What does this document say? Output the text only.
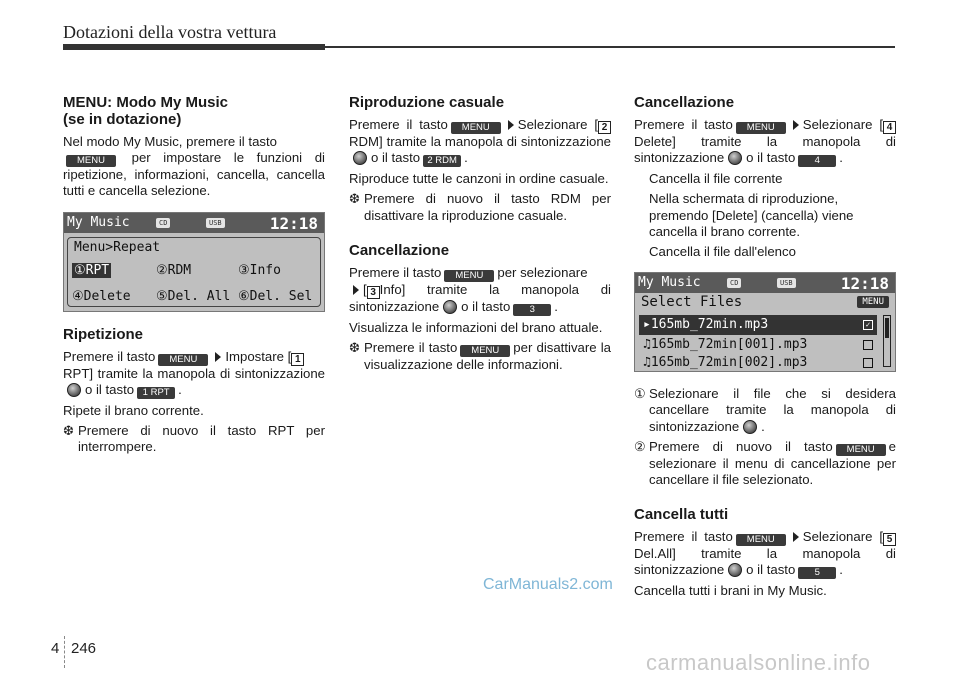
Dotazioni della vostra vettura
MENU: Modo My Music
(se in dotazione)

Nel modo My Music, premere il tasto
MENU per impostare le funzioni di ripetizione, informazioni, cancella, cancella tutti e cancella selezione.

My Music	CD	USB	12:18
Menu>Repeat
①RPT	②RDM	③Info
④Delete ⑤Del. All ⑥Del. Sel
Ripetizione

Premere il tasto MENU Impostare [ 1
RPT] tramite la manopola di sintonizzazioneo il tasto 1 RPT .

Ripete il brano corrente.

❆ Premere di nuovo il tasto RPT per interrompere.
Riproduzione casuale

Premere il tasto MENU Selezionare [ 2RDM] tramite la manopola di sintonizzazioneo il tasto 2 RDM .

Riproduce tutte le canzoni in ordine casuale.

❆ Premere di nuovo il tasto RDM per disattivare la riproduzione casuale.
Cancellazione

Premere il tasto MENU per selezionare
[ 3 Info] tramite la manopola di sintonizzazione o il tasto 3 .

Visualizza le informazioni del brano attuale.

❆ Premere il tasto MENU per disattivare la visualizzazione delle informazioni.
Cancellazione

Premere il tasto MENU Selezionare [ 4Delete] tramite la manopola di sintonizzazione o il tasto 4 .

Cancella il file corrente

Nella schermata di riproduzione, premendo [Delete] (cancella) viene cancella il brano corrente.

Cancella il file dall'elenco

My Music	CD	USB	12:18
Select Files	MENU
▸165mb_72min.mp3	✓
♫165mb_72min[001].mp3
♫165mb_72min[002].mp3
① Selezionare il file che si desidera cancellare tramite la manopola di sintonizzazione .
② Premere di nuovo il tasto MENU e selezionare il menu di cancellazione per cancellare il file selezionato.
Cancella tutti

Premere il tasto MENU Selezionare [ 5Del.All] tramite la manopola di sintonizzazione o il tasto 5 .

Cancella tutti i brani in My Music.

CarManuals2.com
4 246
carmanualsonline.info
